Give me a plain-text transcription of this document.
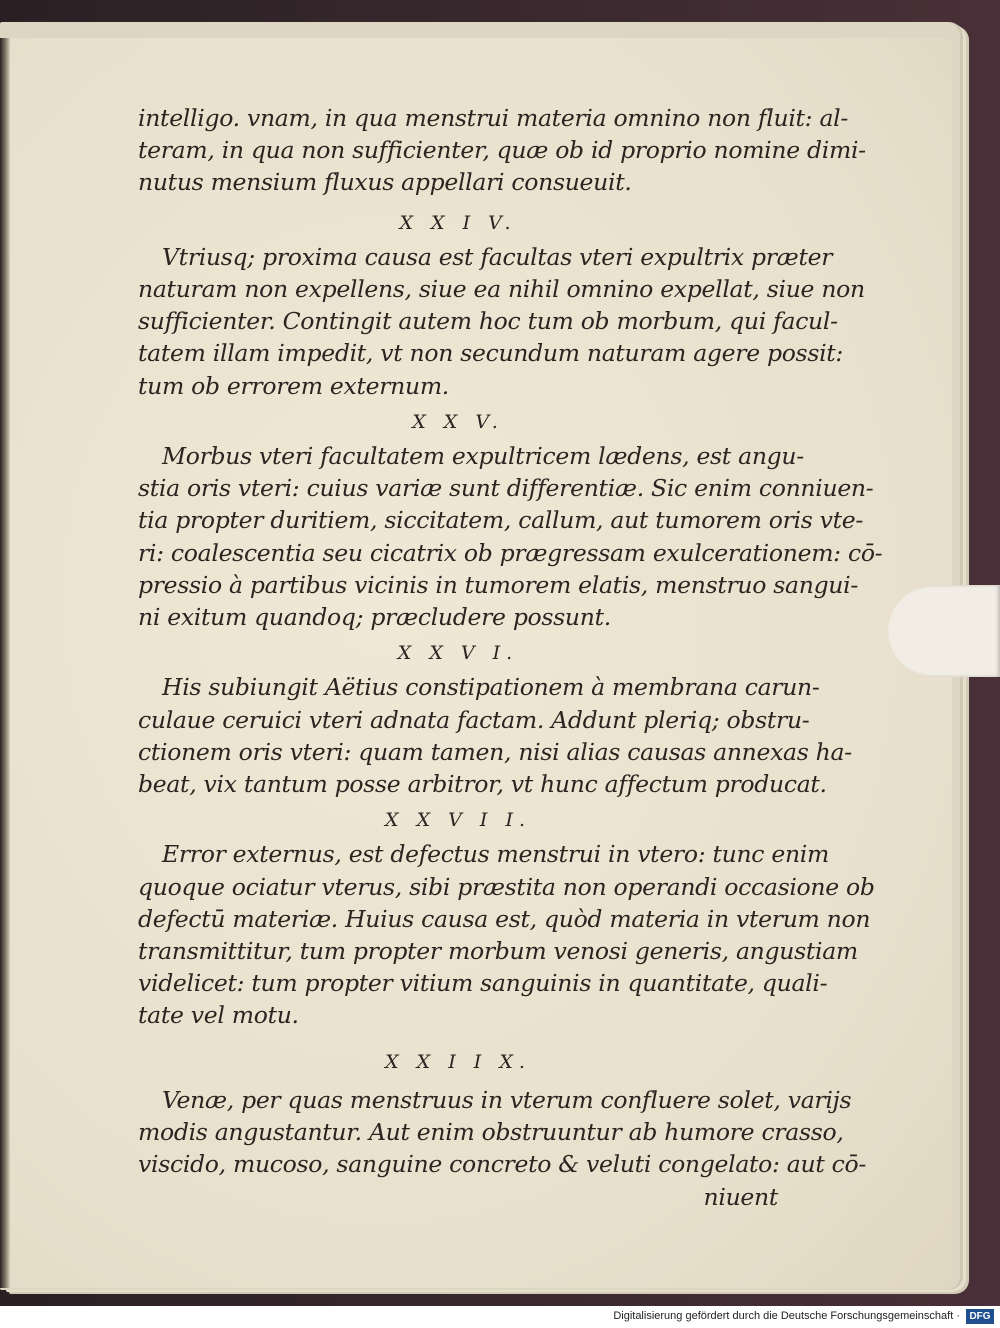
intelligo. vnam, in qua menstrui materia omnino non fluit: al-
teram, in qua non sufficienter, quæ ob id proprio nomine dimi-
nutus mensium fluxus appellari consueuit.
X X I V.
Vtriusq; proxima causa est facultas vteri expultrix præter
naturam non expellens, siue ea nihil omnino expellat, siue non
sufficienter. Contingit autem hoc tum ob morbum, qui facul-
tatem illam impedit, vt non secundum naturam agere possit:
tum ob errorem externum.
X X V.
Morbus vteri facultatem expultricem lædens, est angu-
stia oris vteri: cuius variæ sunt differentiæ. Sic enim conniuen-
tia propter duritiem, siccitatem, callum, aut tumorem oris vte-
ri: coalescentia seu cicatrix ob prægressam exulcerationem: cō-
pressio à partibus vicinis in tumorem elatis, menstruo sangui-
ni exitum quandoq; præcludere possunt.
X X V I.
His subiungit Aëtius constipationem à membrana carun-
culaue ceruici vteri adnata factam. Addunt pleriq; obstru-
ctionem oris vteri: quam tamen, nisi alias causas annexas ha-
beat, vix tantum posse arbitror, vt hunc affectum producat.
X X V I I.
Error externus, est defectus menstrui in vtero: tunc enim
quoque ociatur vterus, sibi præstita non operandi occasione ob
defectū materiæ. Huius causa est, quòd materia in vterum non
transmittitur, tum propter morbum venosi generis, angustiam
videlicet: tum propter vitium sanguinis in quantitate, quali-
tate vel motu.
X X I I X.
Venæ, per quas menstruus in vterum confluere solet, varijs
modis angustantur. Aut enim obstruuntur ab humore crasso,
viscido, mucoso, sanguine concreto & veluti congelato: aut cō-
niuent
Digitalisierung gefördert durch die Deutsche Forschungsgemeinschaft · DFG
